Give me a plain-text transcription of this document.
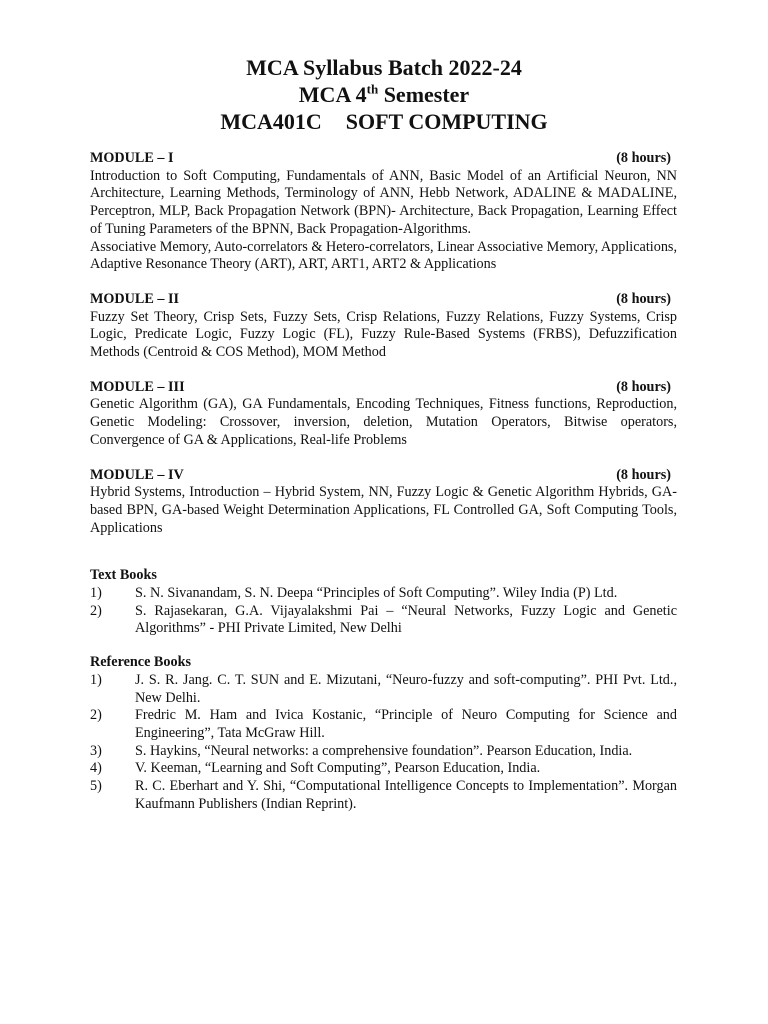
MCA Syllabus Batch 2022-24
MCA 4th Semester
MCA401C SOFT COMPUTING
MODULE – I	(8 hours)

Introduction to Soft Computing, Fundamentals of ANN, Basic Model of an Artificial Neuron, NN Architecture, Learning Methods, Terminology of ANN, Hebb Network, ADALINE & MADALINE, Perceptron, MLP, Back Propagation Network (BPN)- Architecture, Back Propagation, Learning Effect of Tuning Parameters of the BPNN, Back Propagation-Algorithms.

Associative Memory, Auto-correlators & Hetero-correlators, Linear Associative Memory, Applications, Adaptive Resonance Theory (ART), ART, ART1, ART2 & Applications

MODULE – II	(8 hours)

Fuzzy Set Theory, Crisp Sets, Fuzzy Sets, Crisp Relations, Fuzzy Relations, Fuzzy Systems, Crisp Logic, Predicate Logic, Fuzzy Logic (FL), Fuzzy Rule-Based Systems (FRBS), Defuzzification Methods (Centroid & COS Method), MOM Method

MODULE – III	(8 hours)

Genetic Algorithm (GA), GA Fundamentals, Encoding Techniques, Fitness functions, Reproduction, Genetic Modeling: Crossover, inversion, deletion, Mutation Operators, Bitwise operators, Convergence of GA & Applications, Real-life Problems

MODULE – IV	(8 hours)

Hybrid Systems, Introduction – Hybrid System, NN, Fuzzy Logic & Genetic Algorithm Hybrids, GA-based BPN, GA-based Weight Determination Applications, FL Controlled GA, Soft Computing Tools, Applications

Text Books
1)	S. N. Sivanandam, S. N. Deepa “Principles of Soft Computing”. Wiley India (P) Ltd.
2)	S. Rajasekaran, G.A. Vijayalakshmi Pai – “Neural Networks, Fuzzy Logic and Genetic Algorithms” - PHI Private Limited, New Delhi
Reference Books
1)	J. S. R. Jang. C. T. SUN and E. Mizutani, “Neuro-fuzzy and soft-computing”. PHI Pvt. Ltd., New Delhi.
2)	Fredric M. Ham and Ivica Kostanic, “Principle of Neuro Computing for Science and Engineering”, Tata McGraw Hill.
3)	S. Haykins, “Neural networks: a comprehensive foundation”. Pearson Education, India.
4)	V. Keeman, “Learning and Soft Computing”, Pearson Education, India.
5)	R. C. Eberhart and Y. Shi, “Computational Intelligence Concepts to Implementation”. Morgan Kaufmann Publishers (Indian Reprint).
